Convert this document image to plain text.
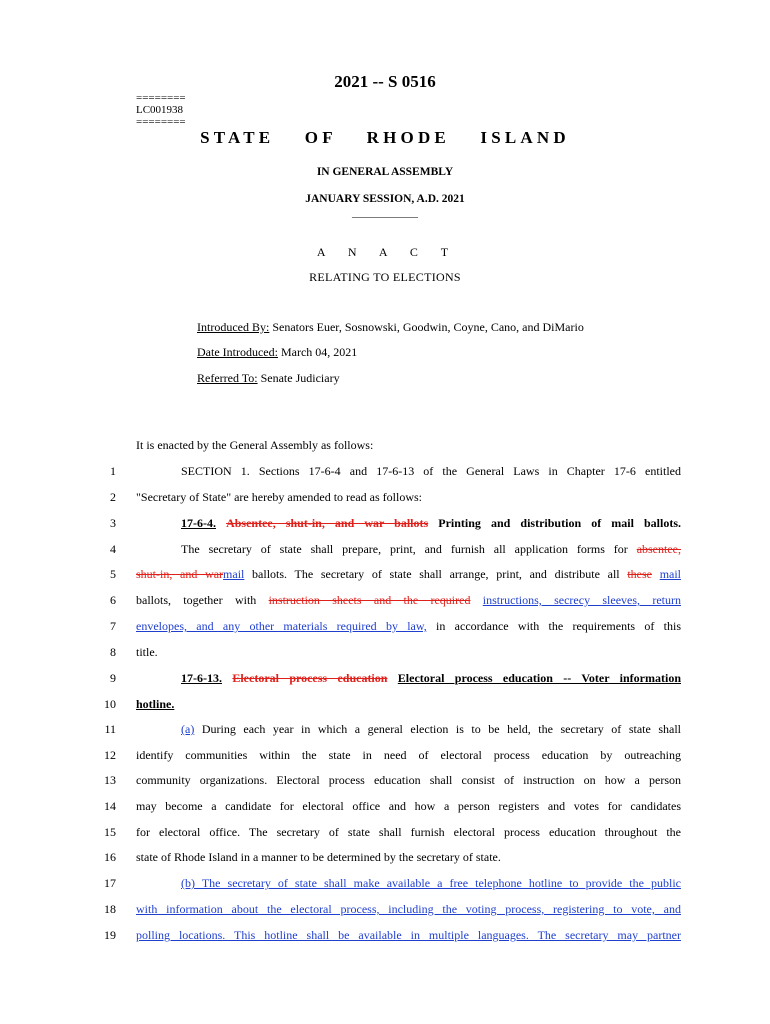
2021 -- S 0516
========
LC001938
========
STATE OF RHODE ISLAND
IN GENERAL ASSEMBLY
JANUARY SESSION, A.D. 2021
____________
A N A C T
RELATING TO ELECTIONS
Introduced By: Senators Euer, Sosnowski, Goodwin, Coyne, Cano, and DiMario
Date Introduced: March 04, 2021
Referred To: Senate Judiciary
It is enacted by the General Assembly as follows:
1
2
3
4
5
6
7
8
9
10
11
12
13
14
15
16
17
18
19
SECTION 1. Sections 17-6-4 and 17-6-13 of the General Laws in Chapter 17-6 entitled
"Secretary of State" are hereby amended to read as follows:
17-6-4. Absentee, shut-in, and war ballots Printing and distribution of mail ballots.
The secretary of state shall prepare, print, and furnish all application forms for absentee,
shut-in, and warmail ballots. The secretary of state shall arrange, print, and distribute all these mail
ballots, together with instruction sheets and the required instructions, secrecy sleeves, return
envelopes, and any other materials required by law, in accordance with the requirements of this
title.
17-6-13. Electoral process education Electoral process education -- Voter information
hotline.
(a) During each year in which a general election is to be held, the secretary of state shall
identify communities within the state in need of electoral process education by outreaching
community organizations. Electoral process education shall consist of instruction on how a person
may become a candidate for electoral office and how a person registers and votes for candidates
for electoral office. The secretary of state shall furnish electoral process education throughout the
state of Rhode Island in a manner to be determined by the secretary of state.
(b) The secretary of state shall make available a free telephone hotline to provide the public
with information about the electoral process, including the voting process, registering to vote, and
polling locations. This hotline shall be available in multiple languages. The secretary may partner
